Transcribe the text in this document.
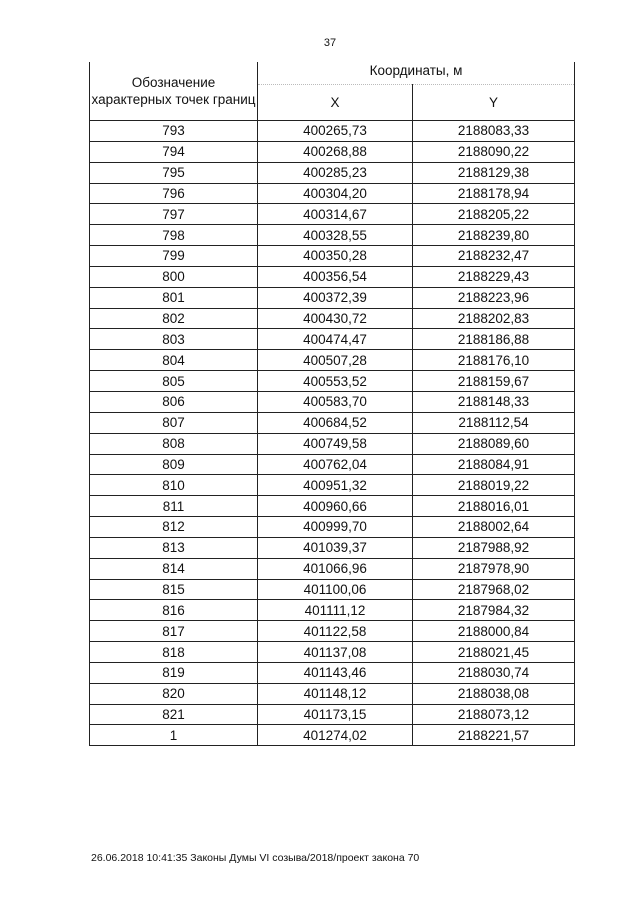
37
Обозначение характерных точек границ	Координаты, м	
	X	Y
793	400265,73	2188083,33
794	400268,88	2188090,22
795	400285,23	2188129,38
796	400304,20	2188178,94
797	400314,67	2188205,22
798	400328,55	2188239,80
799	400350,28	2188232,47
800	400356,54	2188229,43
801	400372,39	2188223,96
802	400430,72	2188202,83
803	400474,47	2188186,88
804	400507,28	2188176,10
805	400553,52	2188159,67
806	400583,70	2188148,33
807	400684,52	2188112,54
808	400749,58	2188089,60
809	400762,04	2188084,91
810	400951,32	2188019,22
811	400960,66	2188016,01
812	400999,70	2188002,64
813	401039,37	2187988,92
814	401066,96	2187978,90
815	401100,06	2187968,02
816	401111,12	2187984,32
817	401122,58	2188000,84
818	401137,08	2188021,45
819	401143,46	2188030,74
820	401148,12	2188038,08
821	401173,15	2188073,12
1	401274,02	2188221,57
26.06.2018 10:41:35 Законы Думы VI созыва/2018/проект закона 70
